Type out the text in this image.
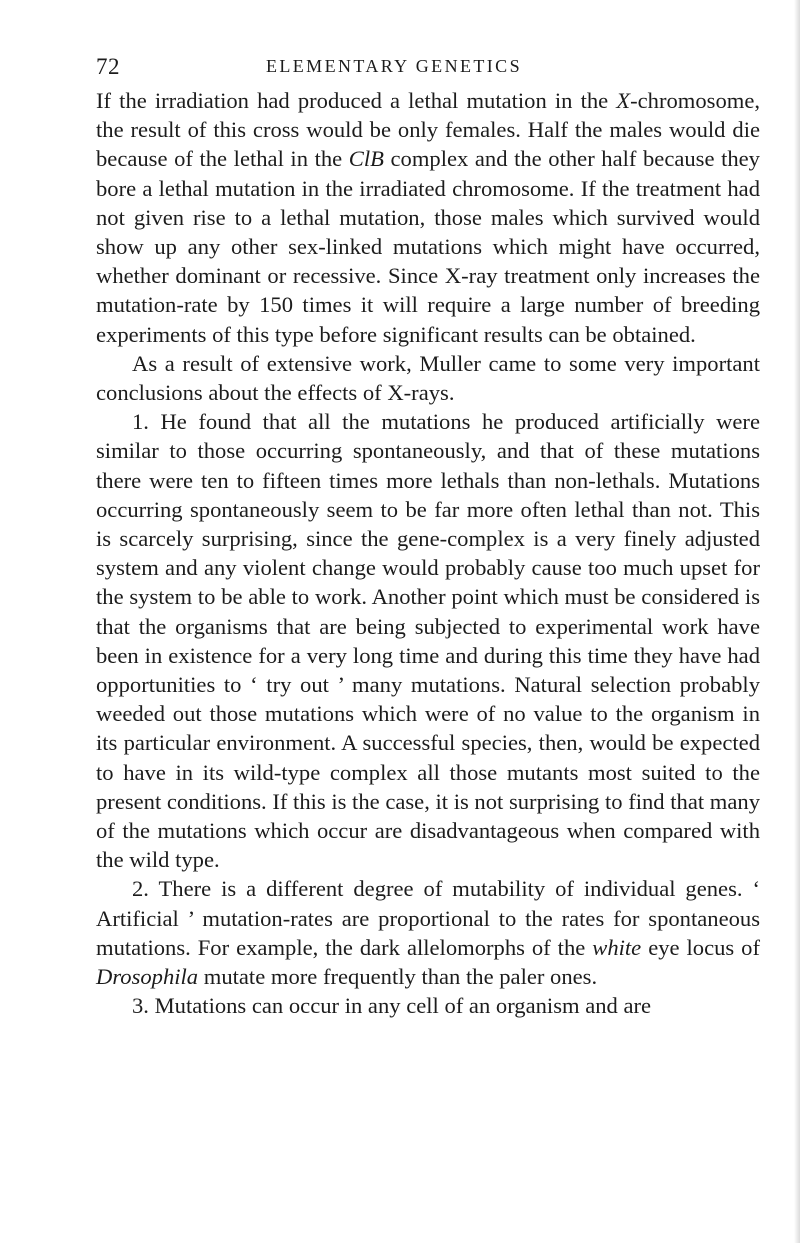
72	ELEMENTARY GENETICS

If the irradiation had produced a lethal mutation in the X-chromosome, the result of this cross would be only females. Half the males would die because of the lethal in the ClB complex and the other half because they bore a lethal mutation in the irradiated chromosome. If the treatment had not given rise to a lethal mutation, those males which survived would show up any other sex-linked mutations which might have occurred, whether dominant or recessive. Since X-ray treatment only increases the mutation-rate by 150 times it will require a large number of breeding experiments of this type before significant results can be obtained.

As a result of extensive work, Muller came to some very important conclusions about the effects of X-rays.

1. He found that all the mutations he produced artificially were similar to those occurring spontaneously, and that of these mutations there were ten to fifteen times more lethals than non-lethals. Mutations occurring spontaneously seem to be far more often lethal than not. This is scarcely surprising, since the gene-complex is a very finely adjusted system and any violent change would probably cause too much upset for the system to be able to work. Another point which must be considered is that the organisms that are being subjected to experimental work have been in existence for a very long time and during this time they have had opportunities to ‘ try out ’ many mutations. Natural selection probably weeded out those mutations which were of no value to the organism in its particular environment. A successful species, then, would be expected to have in its wild-type complex all those mutants most suited to the present conditions. If this is the case, it is not surprising to find that many of the mutations which occur are disadvantageous when compared with the wild type.

2. There is a different degree of mutability of individual genes. ‘ Artificial ’ mutation-rates are proportional to the rates for spontaneous mutations. For example, the dark allelomorphs of the white eye locus of Drosophila mutate more frequently than the paler ones.

3. Mutations can occur in any cell of an organism and are
